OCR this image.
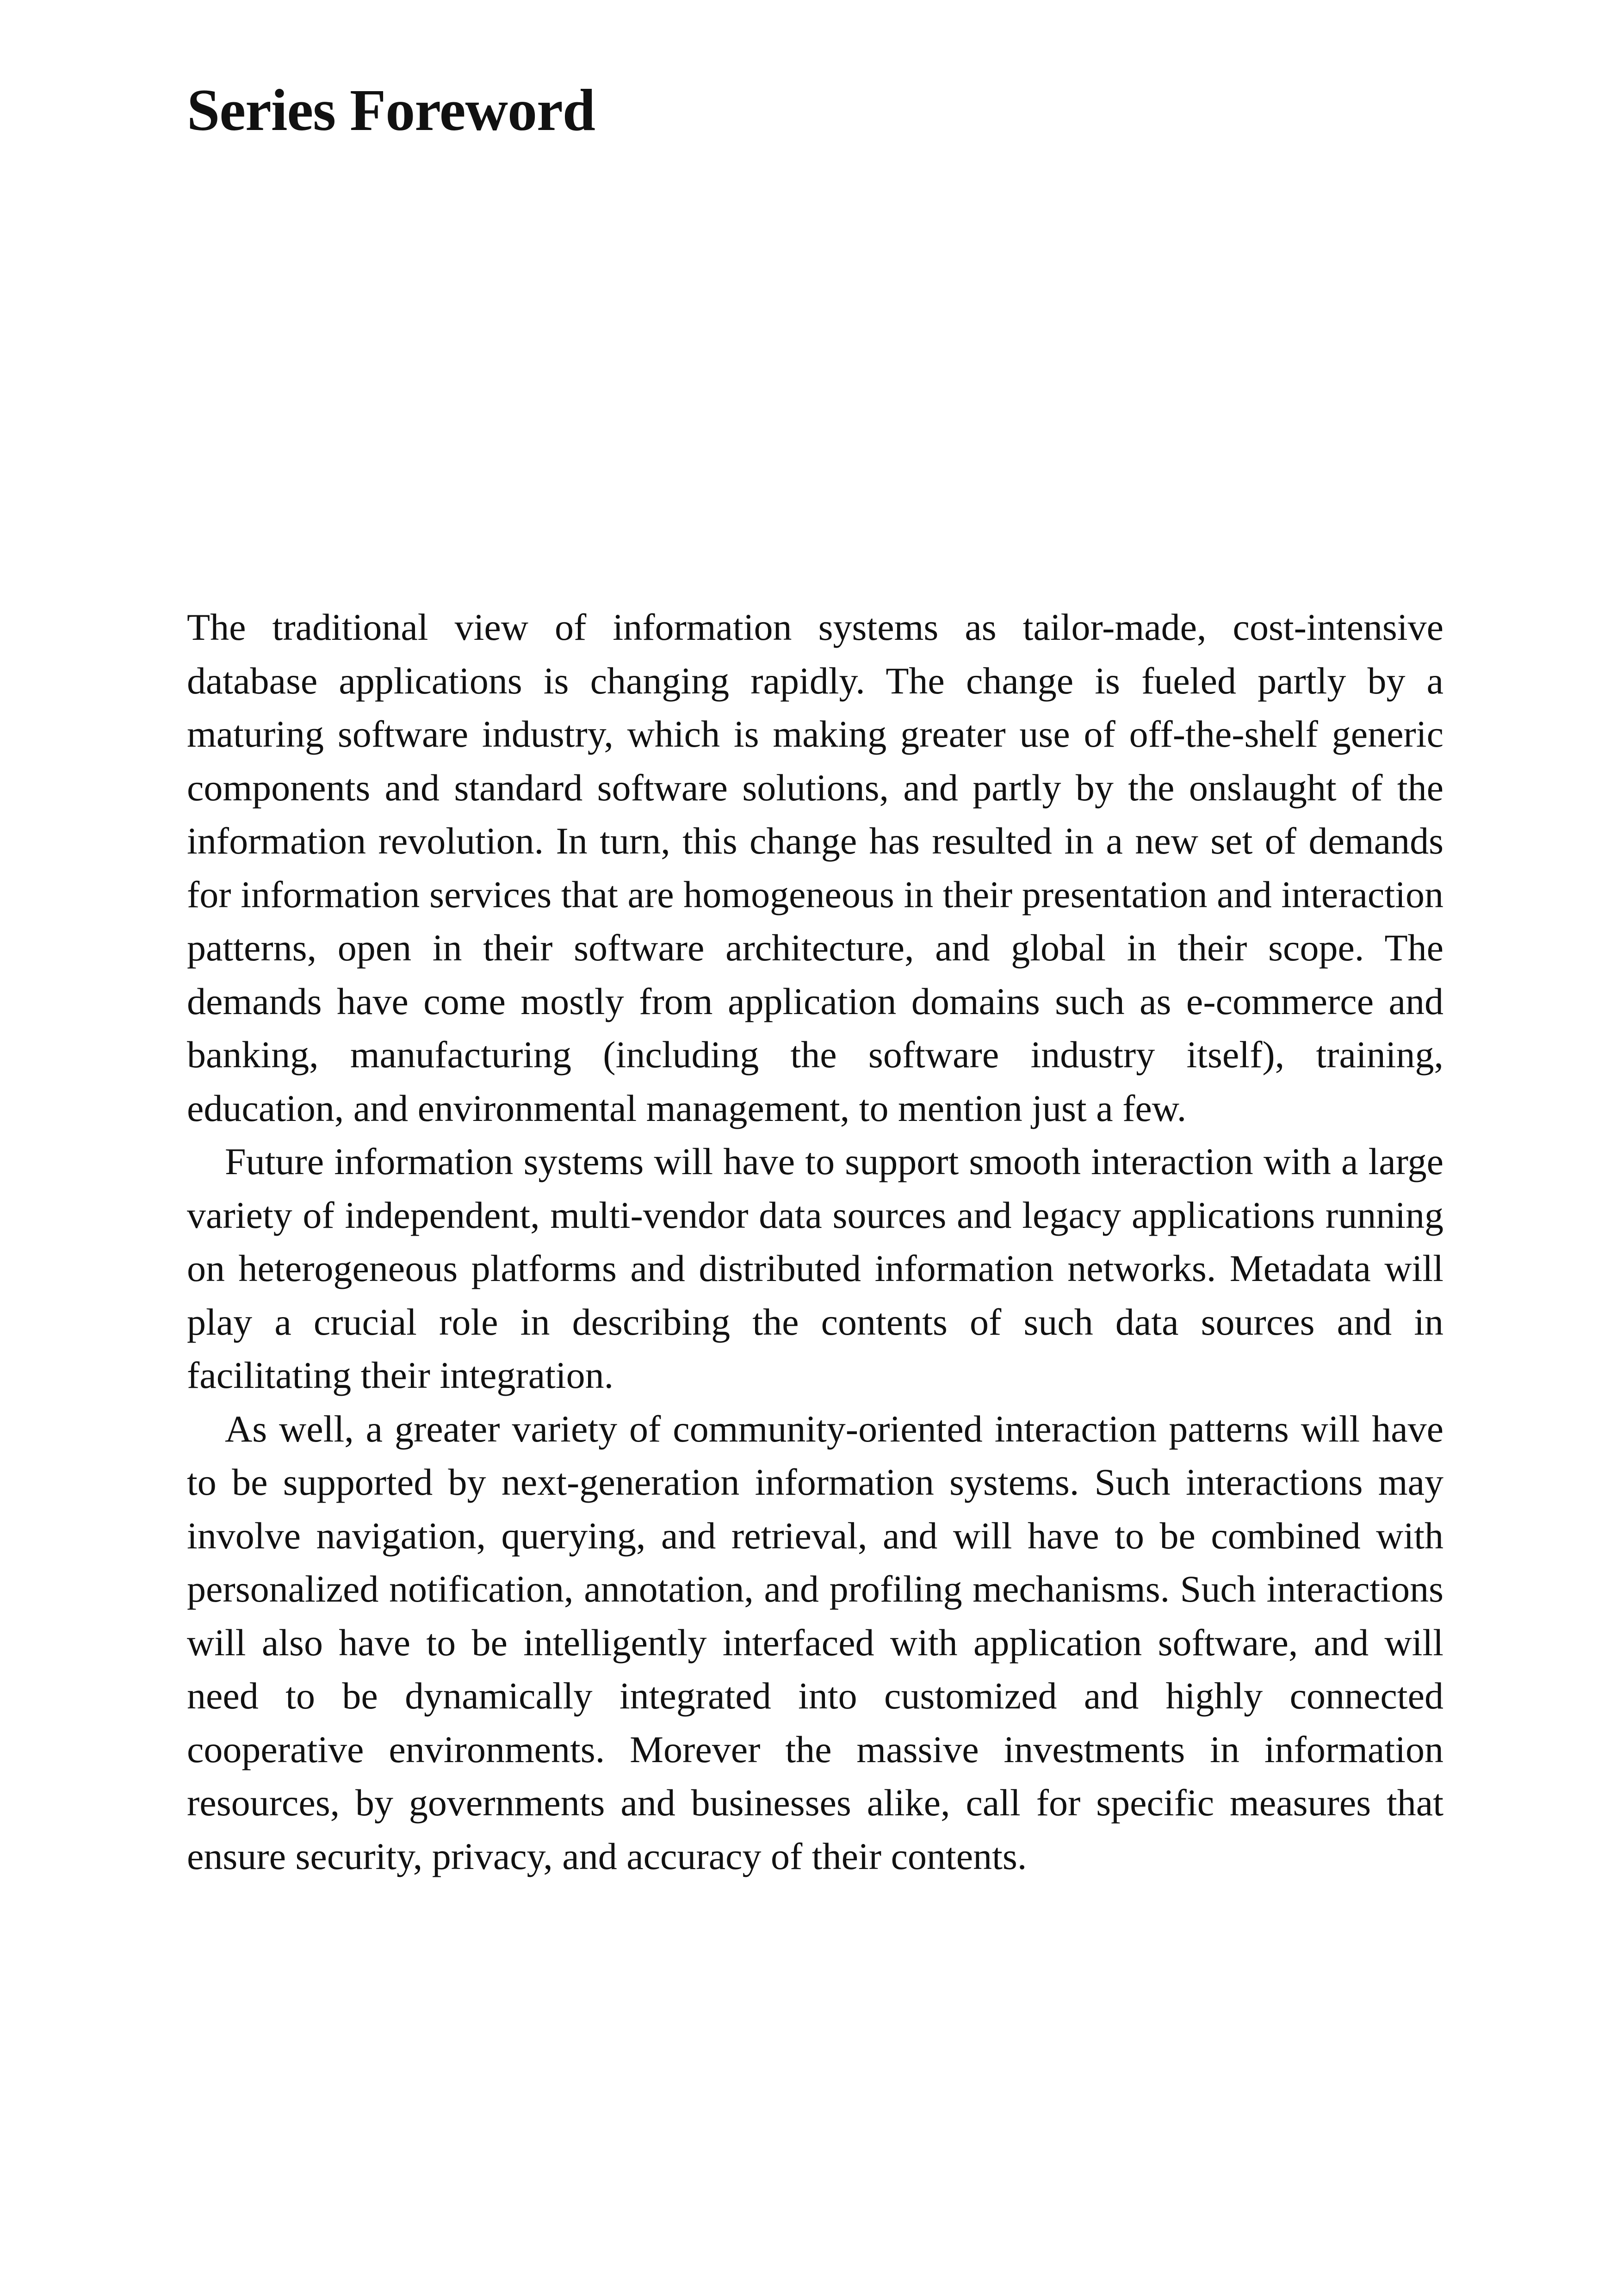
Series Foreword

The traditional view of information systems as tailor-made, cost-intensive database applications is changing rapidly. The change is fueled partly by a maturing software industry, which is making greater use of off-the-shelf generic components and standard software solutions, and partly by the onslaught of the information revolution. In turn, this change has resulted in a new set of demands for information services that are homogeneous in their presentation and interaction patterns, open in their software architecture, and global in their scope. The demands have come mostly from application domains such as e-commerce and banking, manufacturing (including the software industry itself), training, education, and environmental management, to mention just a few.

Future information systems will have to support smooth interaction with a large variety of independent, multi-vendor data sources and legacy applications running on heterogeneous platforms and distributed information networks. Metadata will play a crucial role in describing the contents of such data sources and in facilitating their integration.

As well, a greater variety of community-oriented interaction patterns will have to be supported by next-generation information systems. Such interactions may involve navigation, querying, and retrieval, and will have to be combined with personalized notification, annotation, and profiling mechanisms. Such interactions will also have to be intelligently interfaced with application software, and will need to be dynamically integrated into customized and highly connected cooperative environments. Morever the massive investments in information resources, by governments and businesses alike, call for specific measures that ensure security, privacy, and accuracy of their contents.
